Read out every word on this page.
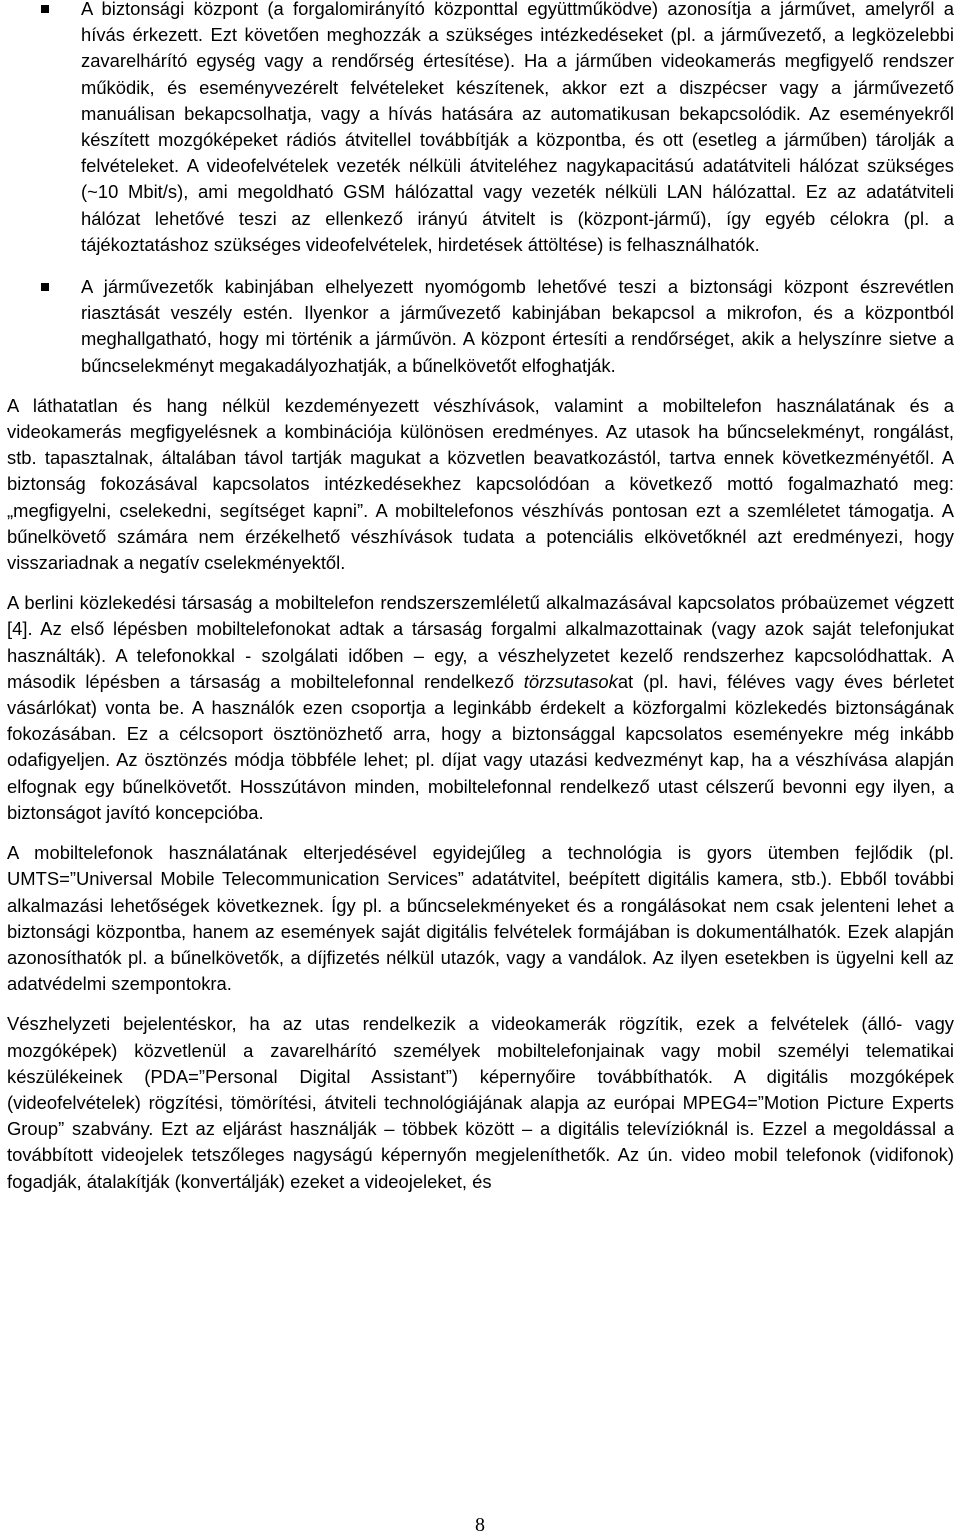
A biztonsági központ (a forgalomirányító központtal együttműködve) azonosítja a járművet, amelyről a hívás érkezett. Ezt követően meghozzák a szükséges intézkedéseket (pl. a járművezető, a legközelebbi zavarelhárító egység vagy a rendőrség értesítése). Ha a járműben videokamerás megfigyelő rendszer működik, és eseményvezérelt felvételeket készítenek, akkor ezt a diszpécser vagy a járművezető manuálisan bekapcsolhatja, vagy a hívás hatására az automatikusan bekapcsolódik. Az eseményekről készített mozgóképeket rádiós átvitellel továbbítják a központba, és ott (esetleg a járműben) tárolják a felvételeket. A videofelvételek vezeték nélküli átviteléhez nagykapacitású adatátviteli hálózat szükséges (~10 Mbit/s), ami megoldható GSM hálózattal vagy vezeték nélküli LAN hálózattal. Ez az adatátviteli hálózat lehetővé teszi az ellenkező irányú átvitelt is (központ-jármű), így egyéb célokra (pl. a tájékoztatáshoz szükséges videofelvételek, hirdetések áttöltése) is felhasználhatók.
A járművezetők kabinjában elhelyezett nyomógomb lehetővé teszi a biztonsági központ észrevétlen riasztását veszély estén. Ilyenkor a járművezető kabinjában bekapcsol a mikrofon, és a központból meghallgatható, hogy mi történik a járművön. A központ értesíti a rendőrséget, akik a helyszínre sietve a bűncselekményt megakadályozhatják, a bűnelkövetőt elfoghatják.

A láthatatlan és hang nélkül kezdeményezett vészhívások, valamint a mobiltelefon használatának és a videokamerás megfigyelésnek a kombinációja különösen eredményes. Az utasok ha bűncselekményt, rongálást, stb. tapasztalnak, általában távol tartják magukat a közvetlen beavatkozástól, tartva ennek következményétől. A biztonság fokozásával kapcsolatos intézkedésekhez kapcsolódóan a következő mottó fogalmazható meg: „megfigyelni, cselekedni, segítséget kapni”. A mobiltelefonos vészhívás pontosan ezt a szemléletet támogatja. A bűnelkövető számára nem érzékelhető vészhívások tudata a potenciális elkövetőknél azt eredményezi, hogy visszariadnak a negatív cselekményektől.

A berlini közlekedési társaság a mobiltelefon rendszerszemléletű alkalmazásával kapcsolatos próbaüzemet végzett [4]. Az első lépésben mobiltelefonokat adtak a társaság forgalmi alkalmazottainak (vagy azok saját telefonjukat használták). A telefonokkal - szolgálati időben – egy, a vészhelyzetet kezelő rendszerhez kapcsolódhattak. A második lépésben a társaság a mobiltelefonnal rendelkező törzsutasokat (pl. havi, féléves vagy éves bérletet vásárlókat) vonta be. A használók ezen csoportja a leginkább érdekelt a közforgalmi közlekedés biztonságának fokozásában. Ez a célcsoport ösztönözhető arra, hogy a biztonsággal kapcsolatos eseményekre még inkább odafigyeljen. Az ösztönzés módja többféle lehet; pl. díjat vagy utazási kedvezményt kap, ha a vészhívása alapján elfognak egy bűnelkövetőt. Hosszútávon minden, mobiltelefonnal rendelkező utast célszerű bevonni egy ilyen, a biztonságot javító koncepcióba.

A mobiltelefonok használatának elterjedésével egyidejűleg a technológia is gyors ütemben fejlődik (pl. UMTS=”Universal Mobile Telecommunication Services” adatátvitel, beépített digitális kamera, stb.). Ebből további alkalmazási lehetőségek következnek. Így pl. a bűncselekményeket és a rongálásokat nem csak jelenteni lehet a biztonsági központba, hanem az események saját digitális felvételek formájában is dokumentálhatók. Ezek alapján azonosíthatók pl. a bűnelkövetők, a díjfizetés nélkül utazók, vagy a vandálok. Az ilyen esetekben is ügyelni kell az adatvédelmi szempontokra.

Vészhelyzeti bejelentéskor, ha az utas rendelkezik a videokamerák rögzítik, ezek a felvételek (álló- vagy mozgóképek) közvetlenül a zavarelhárító személyek mobiltelefonjainak vagy mobil személyi telematikai készülékeinek (PDA=”Personal Digital Assistant”) képernyőire továbbíthatók. A digitális mozgóképek (videofelvételek) rögzítési, tömörítési, átviteli technológiájának alapja az európai MPEG4=”Motion Picture Experts Group” szabvány. Ezt az eljárást használják – többek között – a digitális televízióknál is. Ezzel a megoldással a továbbított videojelek tetszőleges nagyságú képernyőn megjeleníthetők. Az ún. video mobil telefonok (vidifonok) fogadják, átalakítják (konvertálják) ezeket a videojeleket, és

8
